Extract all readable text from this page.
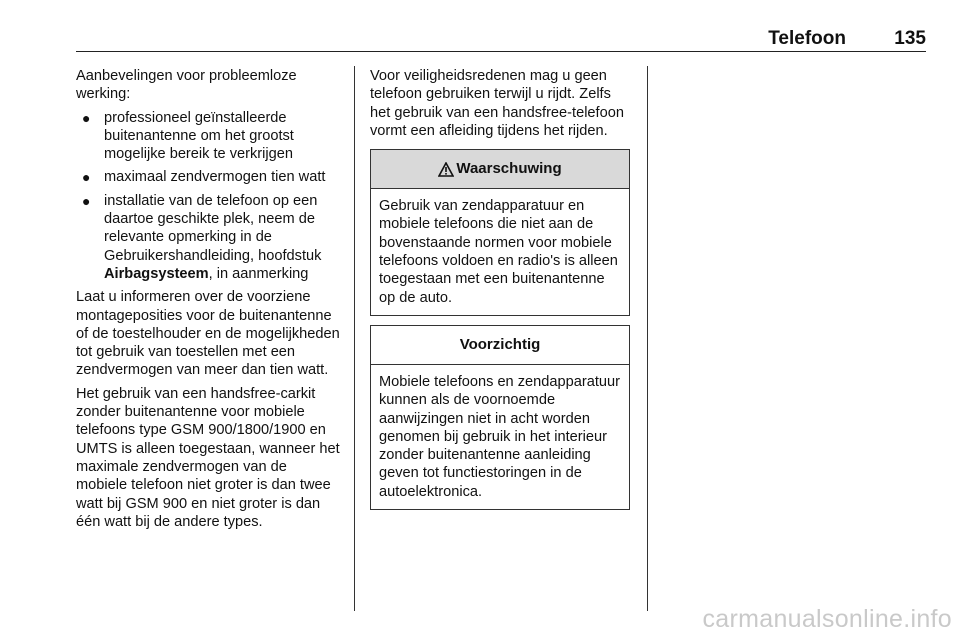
Telefoon	135

Aanbevelingen voor probleemloze werking:

● professioneel geïnstalleerde buitenantenne om het grootst mogelijke bereik te verkrijgen
● maximaal zendvermogen tien watt
● installatie van de telefoon op een daartoe geschikte plek, neem de relevante opmerking in de Gebruikershandleiding, hoofdstuk Airbagsysteem, in aanmerking

Laat u informeren over de voorziene montageposities voor de buitenantenne of de toestelhouder en de mogelijkheden tot gebruik van toestellen met een zendvermogen van meer dan tien watt.

Het gebruik van een handsfree-carkit zonder buitenantenne voor mobiele telefoons type GSM 900/1800/1900 en UMTS is alleen toegestaan, wanneer het maximale zendvermogen van de mobiele telefoon niet groter is dan twee watt bij GSM 900 en niet groter is dan één watt bij de andere types.

Voor veiligheidsredenen mag u geen telefoon gebruiken terwijl u rijdt. Zelfs het gebruik van een handsfree-telefoon vormt een afleiding tijdens het rijden.

Waarschuwing
Gebruik van zendapparatuur en mobiele telefoons die niet aan de bovenstaande normen voor mobiele telefoons voldoen en radio's is alleen toegestaan met een buitenantenne op de auto.
Voorzichtig
Mobiele telefoons en zendapparatuur kunnen als de voornoemde aanwijzingen niet in acht worden genomen bij gebruik in het interieur zonder buitenantenne aanleiding geven tot functiestoringen in de autoelektronica.
carmanualsonline.info
